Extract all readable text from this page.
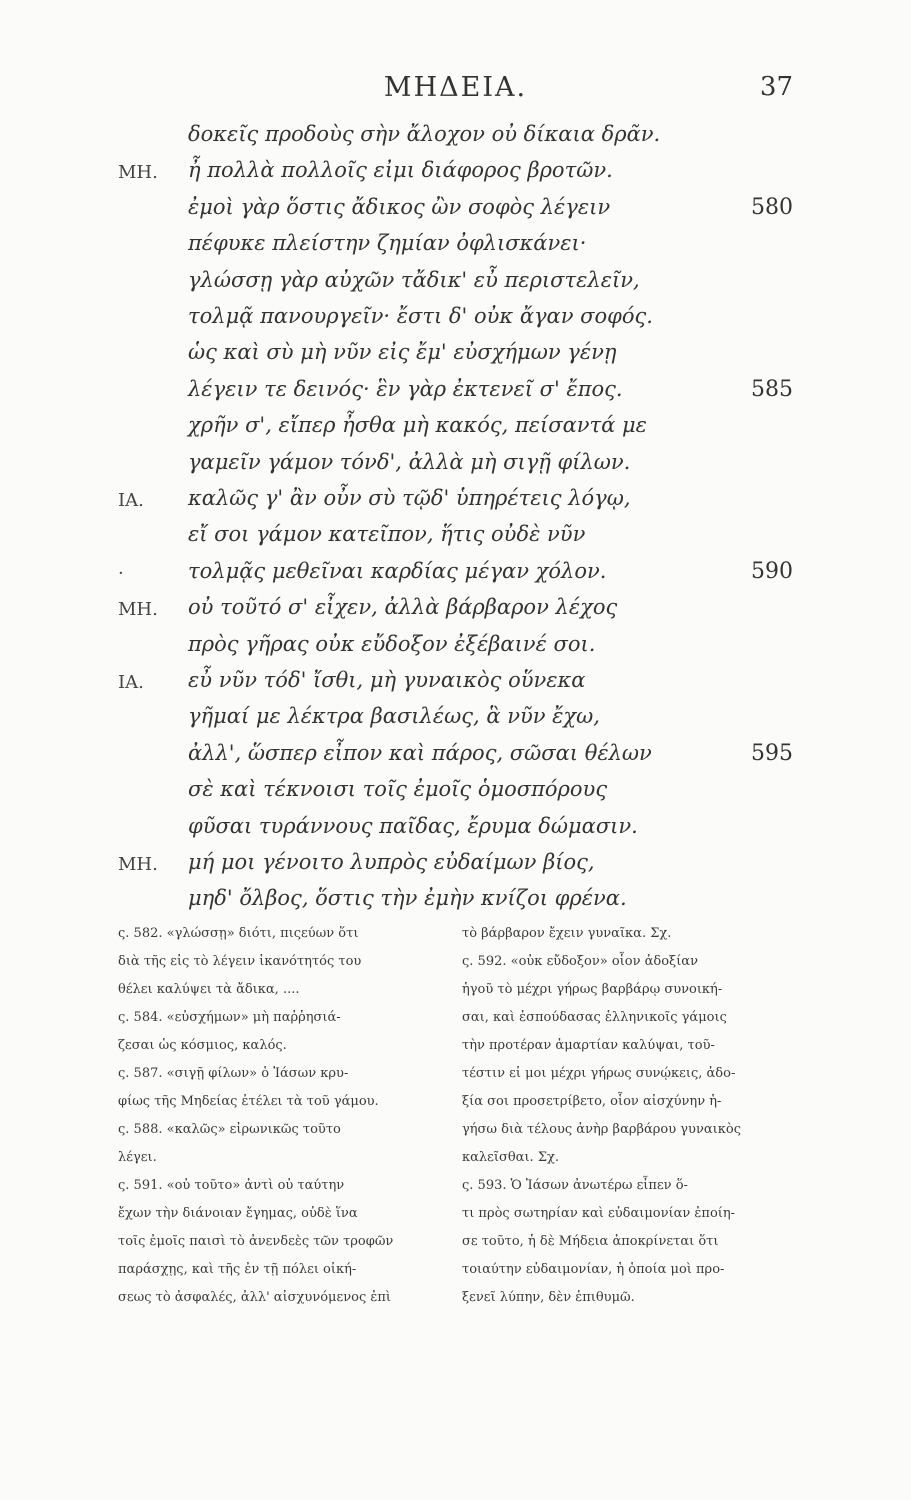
ΜΗΔΕΙΑ.	37
δοκεῖς προδοὺς σὴν ἄλοχον οὐ δίκαια δρᾶν.
ΜΗ. ἦ πολλὰ πολλοῖς εἰμι διάφορος βροτῶν.
ἐμοὶ γὰρ ὅστις ἄδικος ὢν σοφὸς λέγειν	580
πέφυκε πλείστην ζημίαν ὀφλισκάνει·
γλώσσῃ γὰρ αὐχῶν τἄδικ' εὖ περιστελεῖν,
τολμᾷ πανουργεῖν· ἔστι δ' οὐκ ἄγαν σοφός.
ὡς καὶ σὺ μὴ νῦν εἰς ἔμ' εὐσχήμων γένῃ
λέγειν τε δεινός· ἓν γὰρ ἐκτενεῖ σ' ἔπος.	585
χρῆν σ', εἴπερ ἦσθα μὴ κακός, πείσαντά με
γαμεῖν γάμον τόνδ', ἀλλὰ μὴ σιγῇ φίλων.
ΙΑ. καλῶς γ' ἂν οὖν σὺ τῷδ' ὑπηρέτεις λόγῳ,
εἴ σοι γάμον κατεῖπον, ἥτις οὐδὲ νῦν
·	τολμᾷς μεθεῖναι καρδίας μέγαν χόλον.	590
ΜΗ. οὐ τοῦτό σ' εἶχεν, ἀλλὰ βάρβαρον λέχος
πρὸς γῆρας οὐκ εὔδοξον ἐξέβαινέ σοι.
ΙΑ. εὖ νῦν τόδ' ἴσθι, μὴ γυναικὸς οὕνεκα
γῆμαί με λέκτρα βασιλέως, ἃ νῦν ἔχω,
ἀλλ', ὥσπερ εἶπον καὶ πάρος, σῶσαι θέλων	595
σὲ καὶ τέκνοισι τοῖς ἐμοῖς ὁμοσπόρους
φῦσαι τυράννους παῖδας, ἔρυμα δώμασιν.
ΜΗ. μή μοι γένοιτο λυπρὸς εὐδαίμων βίος,
μηδ' ὄλβος, ὅστις τὴν ἐμὴν κνίζοι φρένα.

ς. 582. «γλώσσῃ» διότι, πιςεύων ὅτι

διὰ τῆς εἰς τὸ λέγειν ἱκανότητός του

θέλει καλύψει τὰ ἄδικα, ....

ς. 584. «εὐσχήμων» μὴ παῤῥησιά-

ζεσαι ὡς κόσμιος, καλός.

ς. 587. «σιγῇ φίλων» ὁ Ἰάσων κρυ-

φίως τῆς Μηδείας ἐτέλει τὰ τοῦ γάμου.

ς. 588. «καλῶς» εἰρωνικῶς τοῦτο

λέγει.

ς. 591. «οὐ τοῦτο» ἀντὶ οὐ ταύτην

ἔχων τὴν διάνοιαν ἔγημας, οὐδὲ ἵνα

τοῖς ἐμοῖς παισὶ τὸ ἀνενδεὲς τῶν τροφῶν

παράσχῃς, καὶ τῆς ἐν τῇ πόλει οἰκή-

σεως τὸ ἀσφαλές, ἀλλ' αἰσχυνόμενος ἐπὶ

τὸ βάρβαρον ἔχειν γυναῖκα. Σχ.

ς. 592. «οὐκ εὔδοξον» οἷον ἀδοξίαν

ἡγοῦ τὸ μέχρι γήρως βαρβάρῳ συνοική-

σαι, καὶ ἐσπούδασας ἑλληνικοῖς γάμοις

τὴν προτέραν ἁμαρτίαν καλύψαι, τοῦ-

τέστιν εἰ μοι μέχρι γήρως συνῴκεις, ἀδο-

ξία σοι προσετρίβετο, οἷον αἰσχύνην ἡ-

γήσω διὰ τέλους ἀνὴρ βαρβάρου γυναικὸς

καλεῖσθαι. Σχ.

ς. 593. Ὁ Ἰάσων ἀνωτέρω εἶπεν ὅ-

τι πρὸς σωτηρίαν καὶ εὐδαιμονίαν ἐποίη-

σε τοῦτο, ἡ δὲ Μήδεια ἀποκρίνεται ὅτι

τοιαύτην εὐδαιμονίαν, ἡ ὁποία μοὶ προ-

ξενεῖ λύπην, δὲν ἐπιθυμῶ.
